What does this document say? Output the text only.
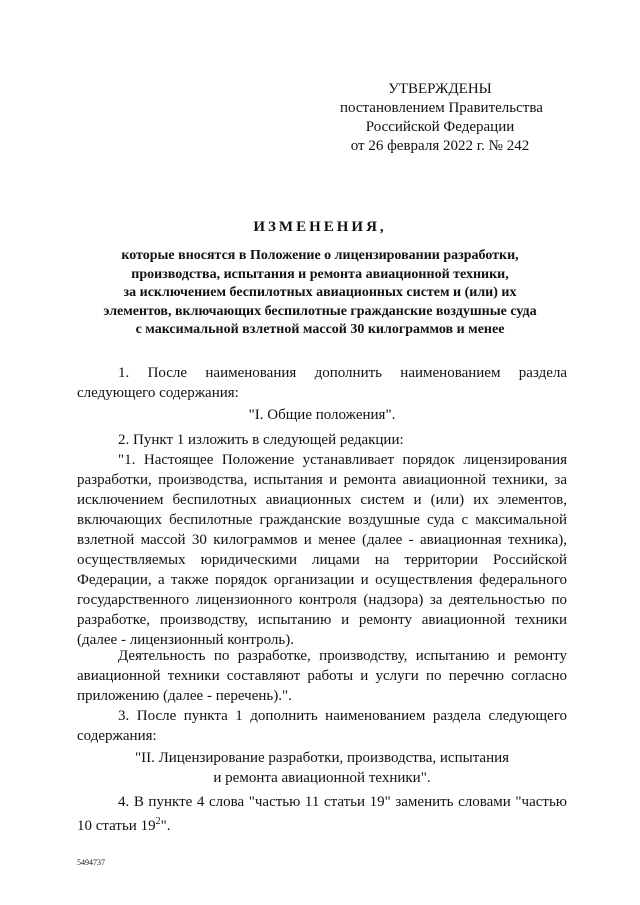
УТВЕРЖДЕНЫ
постановлением Правительства
Российской Федерации
от 26 февраля 2022 г. № 242
ИЗМЕНЕНИЯ,
которые вносятся в Положение о лицензировании разработки,
производства, испытания и ремонта авиационной техники,
за исключением беспилотных авиационных систем и (или) их
элементов, включающих беспилотные гражданские воздушные суда
с максимальной взлетной массой 30 килограммов и менее
1. После наименования дополнить наименованием раздела следующего содержания:
"I. Общие положения".
2. Пункт 1 изложить в следующей редакции:
"1. Настоящее Положение устанавливает порядок лицензирования разработки, производства, испытания и ремонта авиационной техники, за исключением беспилотных авиационных систем и (или) их элементов, включающих беспилотные гражданские воздушные суда с максимальной взлетной массой 30 килограммов и менее (далее - авиационная техника), осуществляемых юридическими лицами на территории Российской Федерации, а также порядок организации и осуществления федерального государственного лицензионного контроля (надзора) за деятельностью по разработке, производству, испытанию и ремонту авиационной техники (далее - лицензионный контроль).
Деятельность по разработке, производству, испытанию и ремонту авиационной техники составляют работы и услуги по перечню согласно приложению (далее - перечень).".
3. После пункта 1 дополнить наименованием раздела следующего содержания:
"II. Лицензирование разработки, производства, испытания
и ремонта авиационной техники".
4. В пункте 4 слова "частью 11 статьи 19" заменить словами "частью 10 статьи $19^2$".
5494737
